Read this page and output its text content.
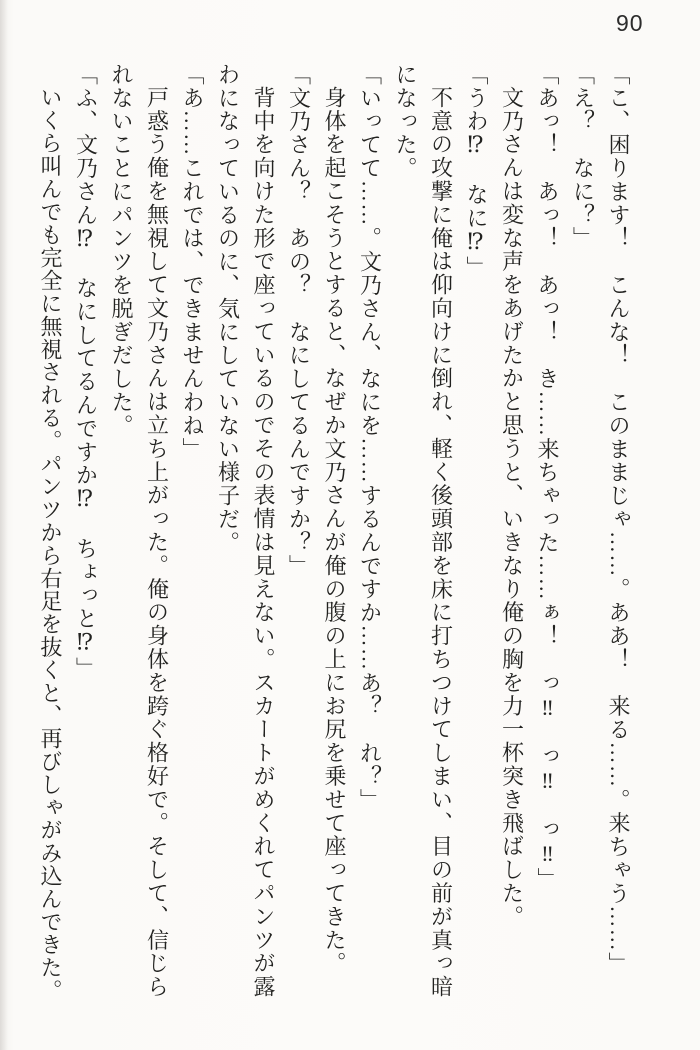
90

「こ、困ります！　こんな！　このままじゃ……。ああ！　来る……。来ちゃう……」

「え？　なに？」

「あっ！　あっ！　あっ！　き……来ちゃった……ぁ！　っ‼　っ‼　っ‼」

文乃さんは変な声をあげたかと思うと、いきなり俺の胸を力一杯突き飛ばした。

「うわ⁉　なに⁉」

不意の攻撃に俺は仰向けに倒れ、軽く後頭部を床に打ちつけてしまい、目の前が真っ暗になった。

「いってて……。文乃さん、なにを……するんですか……あ？　れ？」

身体を起こそうとすると、なぜか文乃さんが俺の腹の上にお尻を乗せて座ってきた。

「文乃さん？　あの？　なにしてるんですか？」

背中を向けた形で座っているのでその表情は見えない。スカートがめくれてパンツが露わになっているのに、気にしていない様子だ。

「あ……これでは、できませんわね」

戸惑う俺を無視して文乃さんは立ち上がった。俺の身体を跨ぐ格好で。そして、信じられないことにパンツを脱ぎだした。

「ふ、文乃さん⁉　なにしてるんですか⁉　ちょっと⁉」

いくら叫んでも完全に無視される。パンツから右足を抜くと、再びしゃがみ込んできた。
